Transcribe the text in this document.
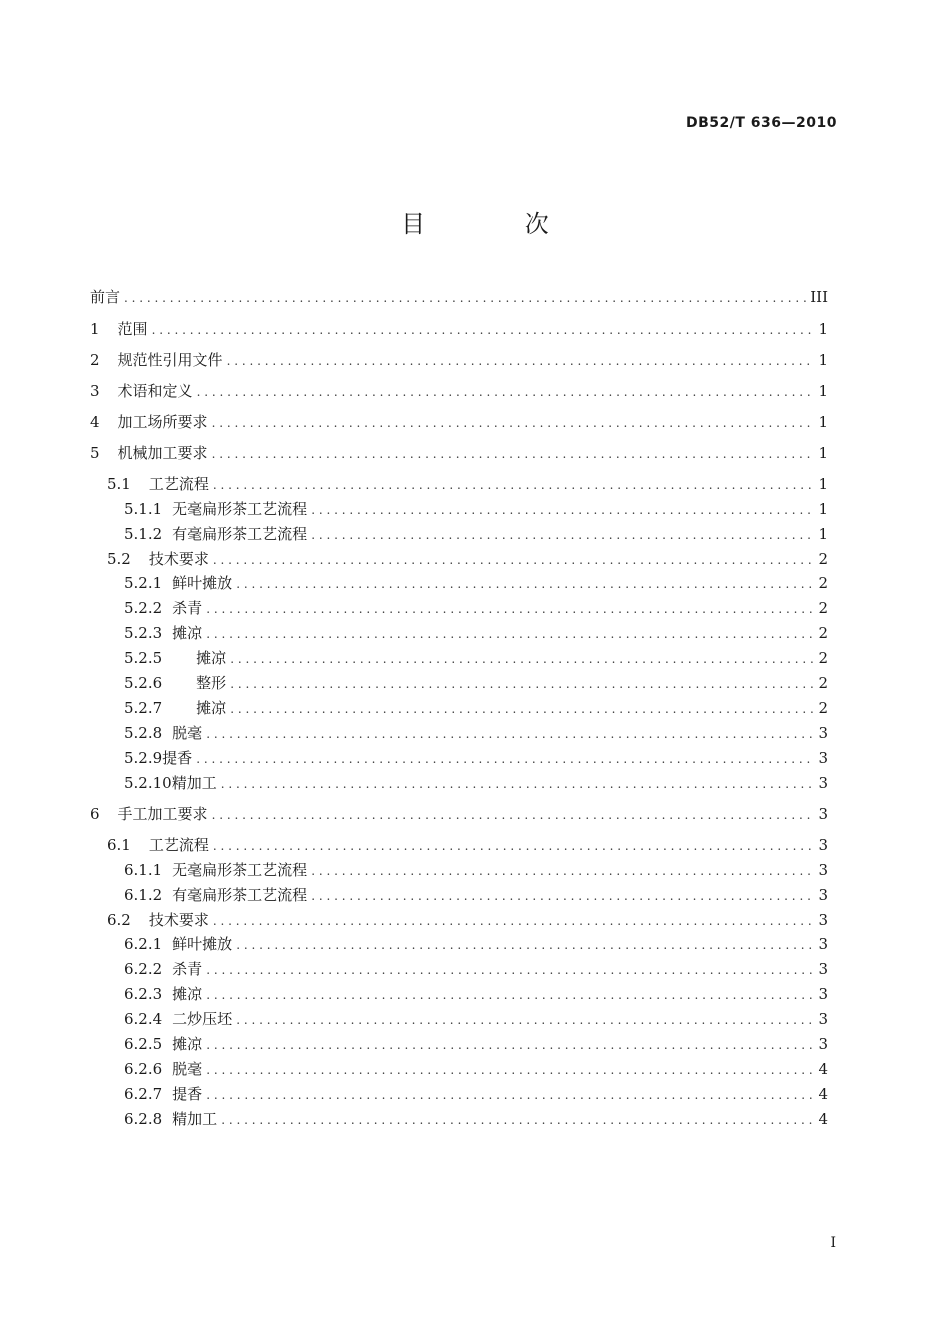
DB52/T 636—2010
目 次
前言 . . .	III
1 范围 . . .	1
2 规范性引用文件 . . .	1
3 术语和定义 . . .	1
4 加工场所要求 . . .	1
5 机械加工要求 . . .	1
5.1 工艺流程 . . .	1
5.1.1 无毫扁形茶工艺流程 . . .	1
5.1.2 有毫扁形茶工艺流程 . . .	1
5.2 技术要求 . . .	2
5.2.1 鲜叶摊放 . . .	2
5.2.2 杀青 . . .	2
5.2.3 摊凉 . . .	2
5.2.5 摊凉 . . .	2
5.2.6 整形 . . .	2
5.2.7 摊凉 . . .	2
5.2.8 脱毫 . . .	3
5.2.9 提香 . . .	3
5.2.10 精加工 . . .	3
6 手工加工要求 . . .	3
6.1 工艺流程 . . .	3
6.1.1 无毫扁形茶工艺流程 . . .	3
6.1.2 有毫扁形茶工艺流程 . . .	3
6.2 技术要求 . . .	3
6.2.1 鲜叶摊放 . . .	3
6.2.2 杀青 . . .	3
6.2.3 摊凉 . . .	3
6.2.4 二炒压坯 . . .	3
6.2.5 摊凉 . . .	3
6.2.6 脱毫 . . .	4
6.2.7 提香 . . .	4
6.2.8 精加工 . . .	4
I
